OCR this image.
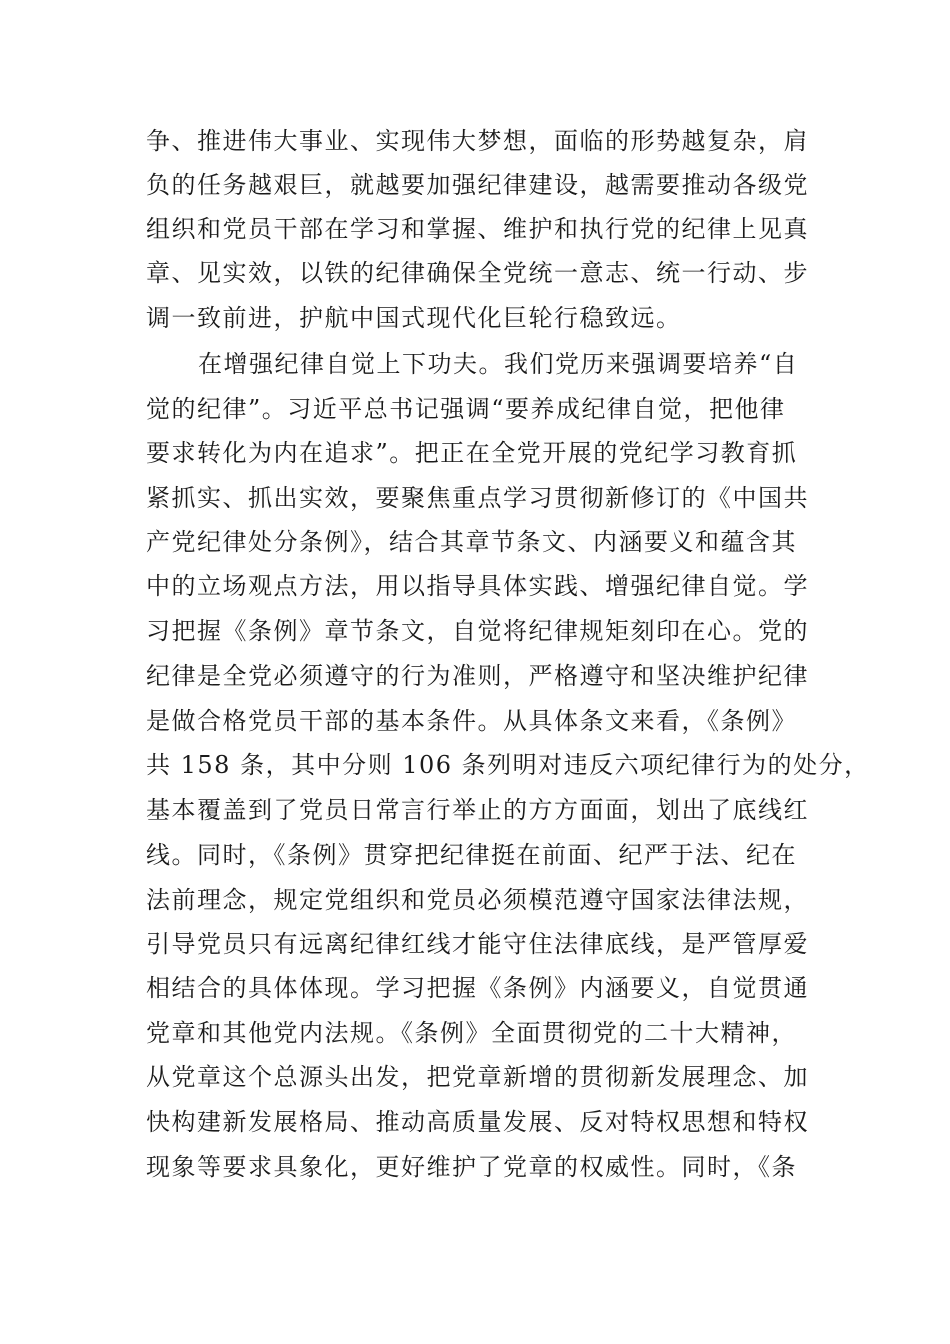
争、推进伟大事业、实现伟大梦想，面临的形势越复杂，肩
负的任务越艰巨，就越要加强纪律建设，越需要推动各级党
组织和党员干部在学习和掌握、维护和执行党的纪律上见真
章、见实效，以铁的纪律确保全党统一意志、统一行动、步
调一致前进，护航中国式现代化巨轮行稳致远。
在增强纪律自觉上下功夫。我们党历来强调要培养“自
觉的纪律”。习近平总书记强调“要养成纪律自觉，把他律
要求转化为内在追求”。把正在全党开展的党纪学习教育抓
紧抓实、抓出实效，要聚焦重点学习贯彻新修订的《中国共
产党纪律处分条例》，结合其章节条文、内涵要义和蕴含其
中的立场观点方法，用以指导具体实践、增强纪律自觉。学
习把握《条例》章节条文，自觉将纪律规矩刻印在心。党的
纪律是全党必须遵守的行为准则，严格遵守和坚决维护纪律
是做合格党员干部的基本条件。从具体条文来看，《条例》
共 158 条，其中分则 106 条列明对违反六项纪律行为的处分，
基本覆盖到了党员日常言行举止的方方面面，划出了底线红
线。同时，《条例》贯穿把纪律挺在前面、纪严于法、纪在
法前理念，规定党组织和党员必须模范遵守国家法律法规，
引导党员只有远离纪律红线才能守住法律底线，是严管厚爱
相结合的具体体现。学习把握《条例》内涵要义，自觉贯通
党章和其他党内法规。《条例》全面贯彻党的二十大精神，
从党章这个总源头出发，把党章新增的贯彻新发展理念、加
快构建新发展格局、推动高质量发展、反对特权思想和特权
现象等要求具象化，更好维护了党章的权威性。同时，《条
